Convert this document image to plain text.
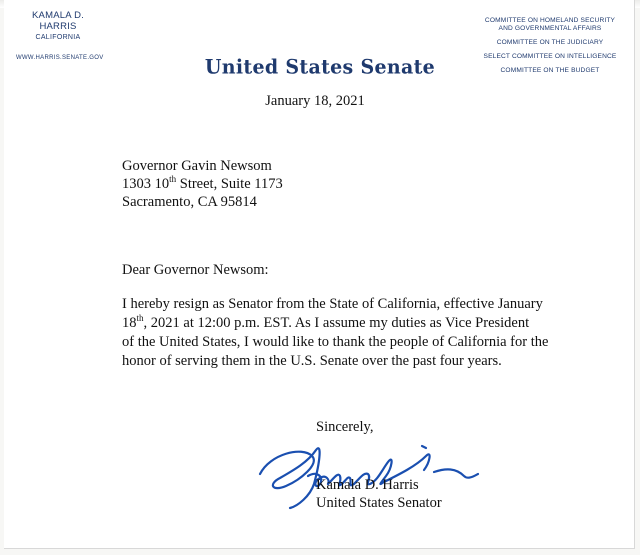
KAMALA D. HARRIS
CALIFORNIA
WWW.HARRIS.SENATE.GOV
COMMITTEE ON HOMELAND SECURITY
AND GOVERNMENTAL AFFAIRS
COMMITTEE ON THE JUDICIARY
SELECT COMMITTEE ON INTELLIGENCE
COMMITTEE ON THE BUDGET
United States Senate
January 18, 2021
Governor Gavin Newsom
1303 10th Street, Suite 1173
Sacramento, CA 95814
Dear Governor Newsom:
I hereby resign as Senator from the State of California, effective January
18th, 2021 at 12:00 p.m. EST. As I assume my duties as Vice President
of the United States, I would like to thank the people of California for the
honor of serving them in the U.S. Senate over the past four years.
Sincerely,
Kamala D. Harris
United States Senator
